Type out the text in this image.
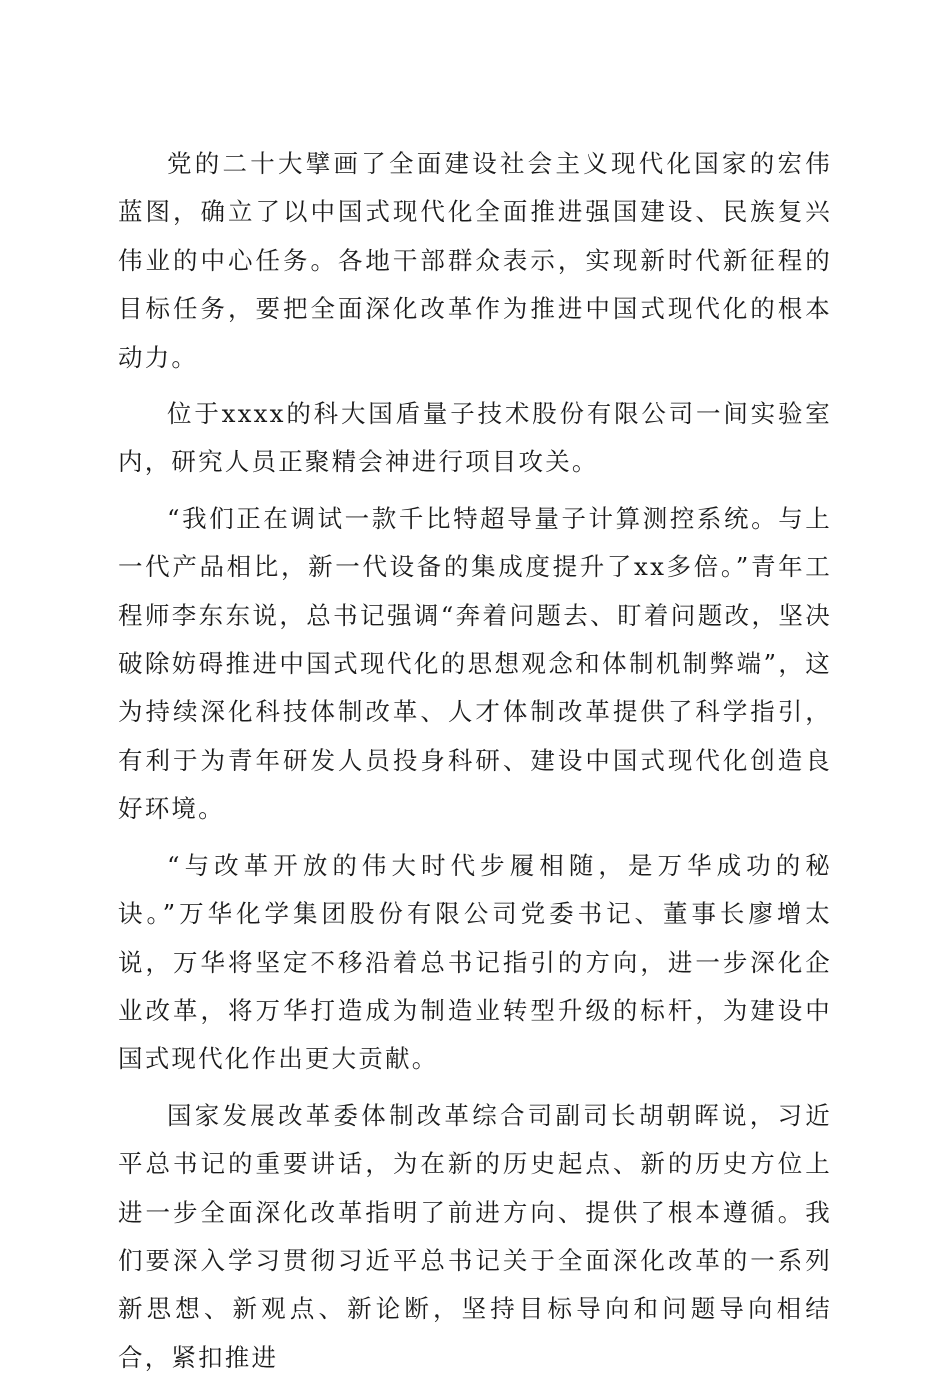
党的二十大擘画了全面建设社会主义现代化国家的宏伟蓝图，确立了以中国式现代化全面推进强国建设、民族复兴伟业的中心任务。各地干部群众表示，实现新时代新征程的目标任务，要把全面深化改革作为推进中国式现代化的根本动力。

位于xxxx的科大国盾量子技术股份有限公司一间实验室内，研究人员正聚精会神进行项目攻关。

“我们正在调试一款千比特超导量子计算测控系统。与上一代产品相比，新一代设备的集成度提升了xx多倍。”青年工程师李东东说，总书记强调“奔着问题去、盯着问题改，坚决破除妨碍推进中国式现代化的思想观念和体制机制弊端”，这为持续深化科技体制改革、人才体制改革提供了科学指引，有利于为青年研发人员投身科研、建设中国式现代化创造良好环境。

“与改革开放的伟大时代步履相随，是万华成功的秘诀。”万华化学集团股份有限公司党委书记、董事长廖增太说，万华将坚定不移沿着总书记指引的方向，进一步深化企业改革，将万华打造成为制造业转型升级的标杆，为建设中国式现代化作出更大贡献。

国家发展改革委体制改革综合司副司长胡朝晖说，习近平总书记的重要讲话，为在新的历史起点、新的历史方位上进一步全面深化改革指明了前进方向、提供了根本遵循。我们要深入学习贯彻习近平总书记关于全面深化改革的一系列新思想、新观点、新论断，坚持目标导向和问题导向相结合，紧扣推进
